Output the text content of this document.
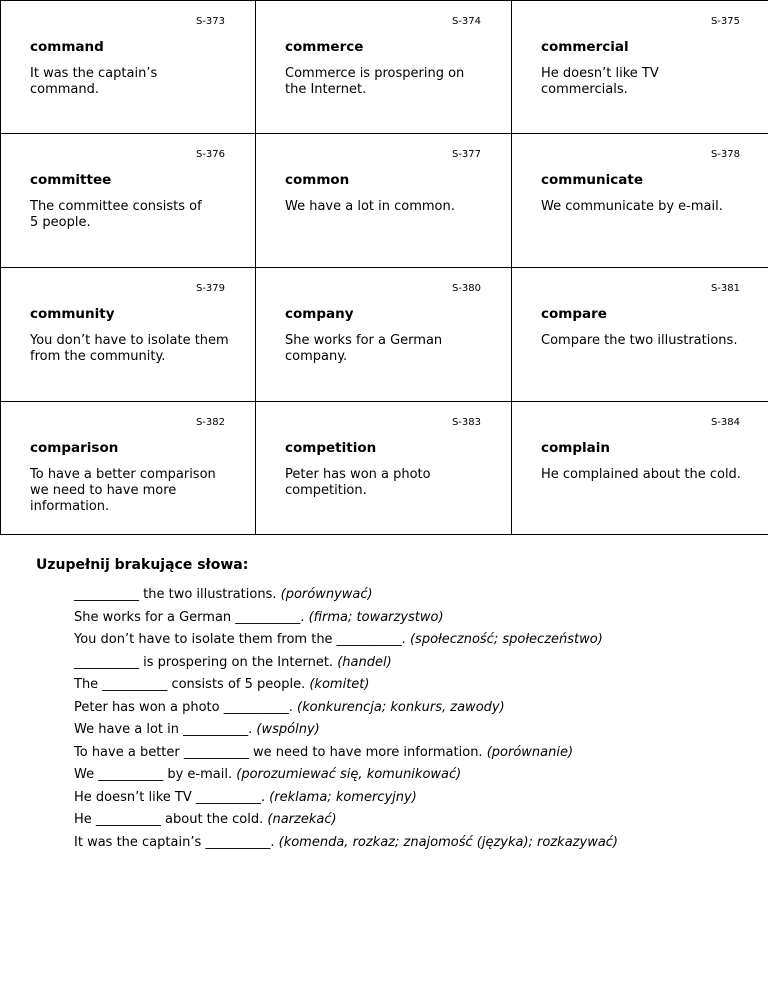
S-373
command
It was the captain’s command.
S-374
commerce
Commerce is prospering on the Internet.
S-375
commercial
He doesn’t like TV commercials.
S-376
committee
The committee consists of 5 people.
S-377
common
We have a lot in common.
S-378
communicate
We communicate by e-mail.
S-379
community
You don’t have to isolate them from the community.
S-380
company
She works for a German company.
S-381
compare
Compare the two illustrations.
S-382
comparison
To have a better comparison we need to have more information.
S-383
competition
Peter has won a photo competition.
S-384
complain
He complained about the cold.
Uzupełnij brakujące słowa:
__________ the two illustrations. (porównywać)
She works for a German __________. (firma; towarzystwo)
You don’t have to isolate them from the __________. (społeczność; społeczeństwo)
__________ is prospering on the Internet. (handel)
The __________ consists of 5 people. (komitet)
Peter has won a photo __________. (konkurencja; konkurs, zawody)
We have a lot in __________. (wspólny)
To have a better __________ we need to have more information. (porównanie)
We __________ by e-mail. (porozumiewać się, komunikować)
He doesn’t like TV __________. (reklama; komercyjny)
He __________ about the cold. (narzekać)
It was the captain’s __________. (komenda, rozkaz; znajomość (języka); rozkazywać)
